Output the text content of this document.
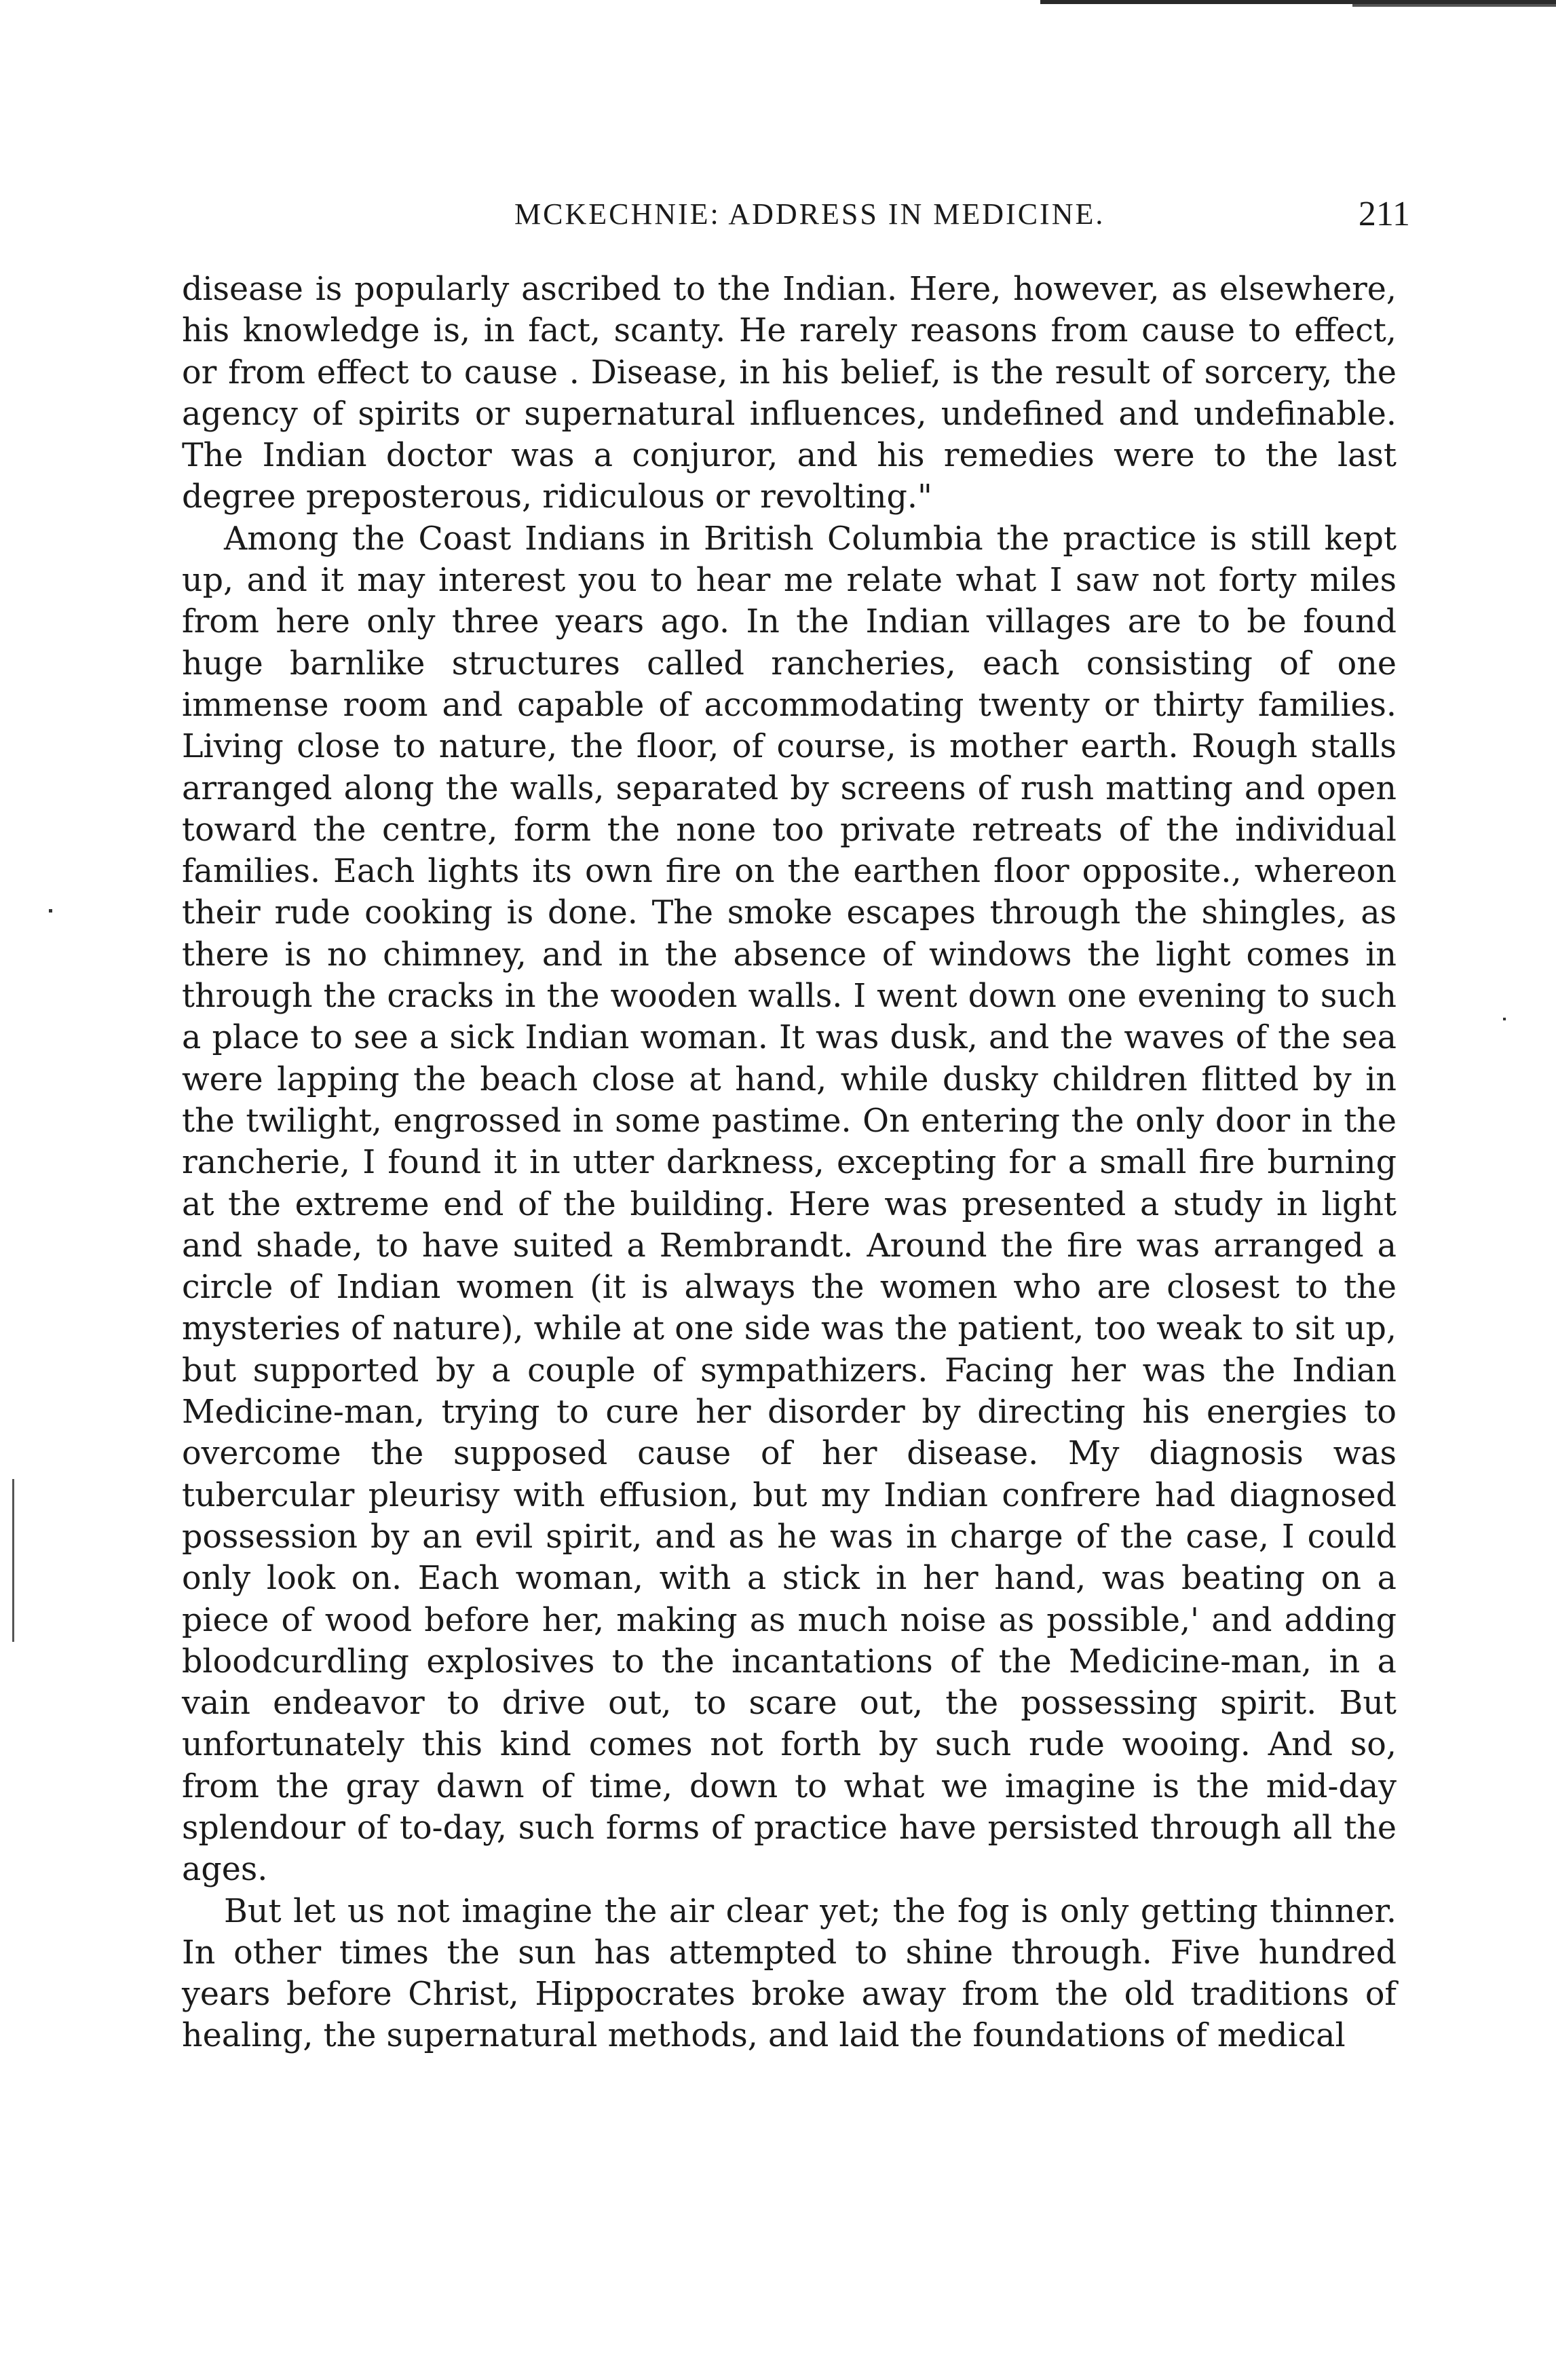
MCKECHNIE: ADDRESS IN MEDICINE.	211

disease is popularly ascribed to the Indian. Here, however, as elsewhere, his knowledge is, in fact, scanty. He rarely reasons from cause to effect, or from effect to cause . Disease, in his belief, is the result of sorcery, the agency of spirits or supernatural influences, undefined and undefinable. The Indian doctor was a conjuror, and his remedies were to the last degree preposterous, ridiculous or revolting."

Among the Coast Indians in British Columbia the practice is still kept up, and it may interest you to hear me relate what I saw not forty miles from here only three years ago. In the Indian villages are to be found huge barnlike structures called rancheries, each consisting of one immense room and capable of accommodating twenty or thirty families. Living close to nature, the floor, of course, is mother earth. Rough stalls arranged along the walls, separated by screens of rush matting and open toward the centre, form the none too private retreats of the individual families. Each lights its own fire on the earthen floor opposite., whereon their rude cooking is done. The smoke escapes through the shingles, as there is no chimney, and in the absence of windows the light comes in through the cracks in the wooden walls. I went down one evening to such a place to see a sick Indian woman. It was dusk, and the waves of the sea were lapping the beach close at hand, while dusky children flitted by in the twilight, engrossed in some pastime. On entering the only door in the rancherie, I found it in utter darkness, excepting for a small fire burning at the extreme end of the building. Here was presented a study in light and shade, to have suited a Rembrandt. Around the fire was arranged a circle of Indian women (it is always the women who are closest to the mysteries of nature), while at one side was the patient, too weak to sit up, but supported by a couple of sympathizers. Facing her was the Indian Medicine-man, trying to cure her disorder by directing his energies to overcome the supposed cause of her disease. My diagnosis was tubercular pleurisy with effusion, but my Indian confrere had diagnosed possession by an evil spirit, and as he was in charge of the case, I could only look on. Each woman, with a stick in her hand, was beating on a piece of wood before her, making as much noise as possible,' and adding bloodcurdling explosives to the incantations of the Medicine-man, in a vain endeavor to drive out, to scare out, the possessing spirit. But unfortunately this kind comes not forth by such rude wooing. And so, from the gray dawn of time, down to what we imagine is the mid-day splendour of to-day, such forms of practice have persisted through all the ages.

But let us not imagine the air clear yet; the fog is only getting thinner. In other times the sun has attempted to shine through. Five hundred years before Christ, Hippocrates broke away from the old traditions of healing, the supernatural methods, and laid the foundations of medical
